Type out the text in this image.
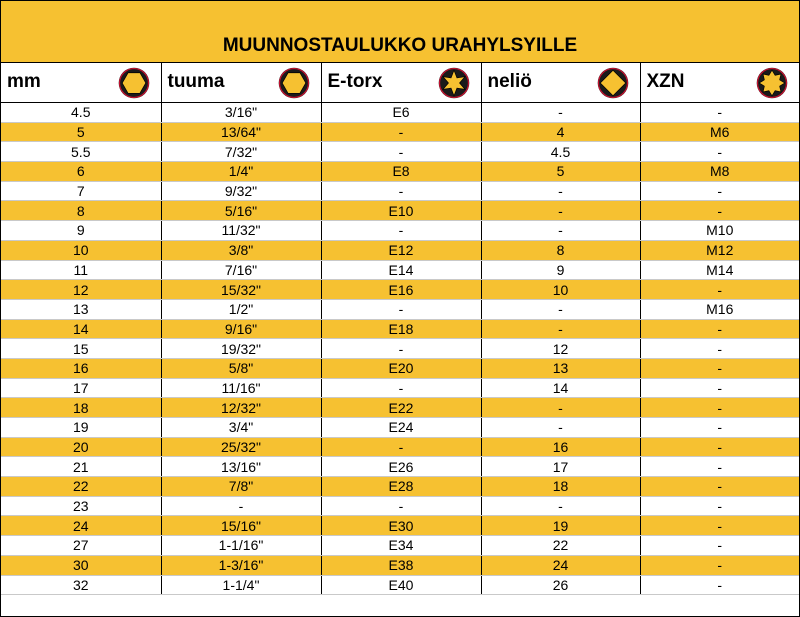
MUUNNOSTAULUKKO URAHYLSYILLE
mm	tuuma	E-torx	neliö	XZN

4.5	3/16"	E6	-	-
5	13/64"	-	4	M6
5.5	7/32"	-	4.5	-
6	1/4"	E8	5	M8
7	9/32"	-	-	-
8	5/16"	E10	-	-
9	11/32"	-	-	M10
10	3/8"	E12	8	M12
11	7/16"	E14	9	M14
12	15/32"	E16	10	-
13	1/2"	-	-	M16
14	9/16"	E18	-	-
15	19/32"	-	12	-
16	5/8"	E20	13	-
17	11/16"	-	14	-
18	12/32"	E22	-	-
19	3/4"	E24	-	-
20	25/32"	-	16	-
21	13/16"	E26	17	-
22	7/8"	E28	18	-
23	-	-	-	-
24	15/16"	E30	19	-
27	1-1/16"	E34	22	-
30	1-3/16"	E38	24	-
32	1-1/4"	E40	26	-
